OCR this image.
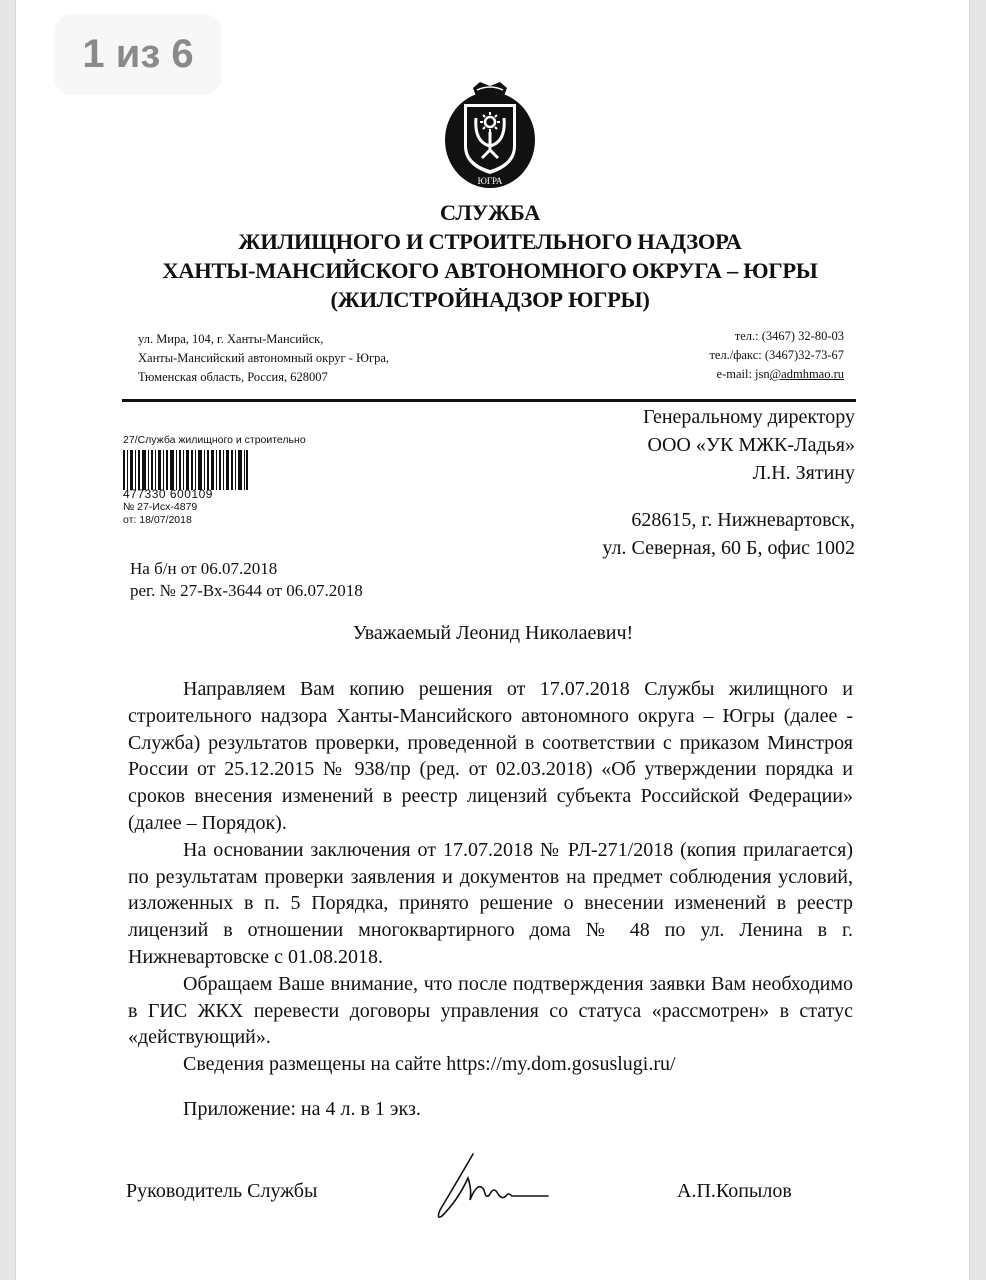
1 из 6
ЮГРА
СЛУЖБА
ЖИЛИЩНОГО И СТРОИТЕЛЬНОГО НАДЗОРА
ХАНТЫ-МАНСИЙСКОГО АВТОНОМНОГО ОКРУГА – ЮГРЫ
(ЖИЛСТРОЙНАДЗОР ЮГРЫ)
ул. Мира, 104, г. Ханты-Мансийск,
Ханты-Мансийский автономный округ - Югра,
Тюменская область, Россия, 628007
тел.: (3467) 32-80-03
тел./факс: (3467)32-73-67
e-mail: jsn@admhmao.ru
27/Служба жилищного и строительно
477330 600109
№ 27-Исх-4879
от: 18/07/2018
Генеральному директору
ООО «УК МЖК-Ладья»
Л.Н. Зятину
628615, г. Нижневартовск,
ул. Северная, 60 Б, офис 1002
На б/н от 06.07.2018
рег. № 27-Вх-3644 от 06.07.2018
Уважаемый Леонид Николаевич!

Направляем Вам копию решения от 17.07.2018 Службы жилищного и строительного надзора Ханты-Мансийского автономного округа – Югры (далее - Служба) результатов проверки, проведенной в соответствии с приказом Минстроя России от 25.12.2015 № 938/пр (ред. от 02.03.2018) «Об утверждении порядка и сроков внесения изменений в реестр лицензий субъекта Российской Федерации» (далее – Порядок).

На основании заключения от 17.07.2018 № РЛ-271/2018 (копия прилагается) по результатам проверки заявления и документов на предмет соблюдения условий, изложенных в п. 5 Порядка, принято решение о внесении изменений в реестр лицензий в отношении многоквартирного дома № 48 по ул. Ленина в г. Нижневартовске с 01.08.2018.

Обращаем Ваше внимание, что после подтверждения заявки Вам необходимо в ГИС ЖКХ перевести договоры управления со статуса «рассмотрен» в статус «действующий».

Сведения размещены на сайте https://my.dom.gosuslugi.ru/

Приложение: на 4 л. в 1 экз.

Руководитель Службы	А.П.Копылов
